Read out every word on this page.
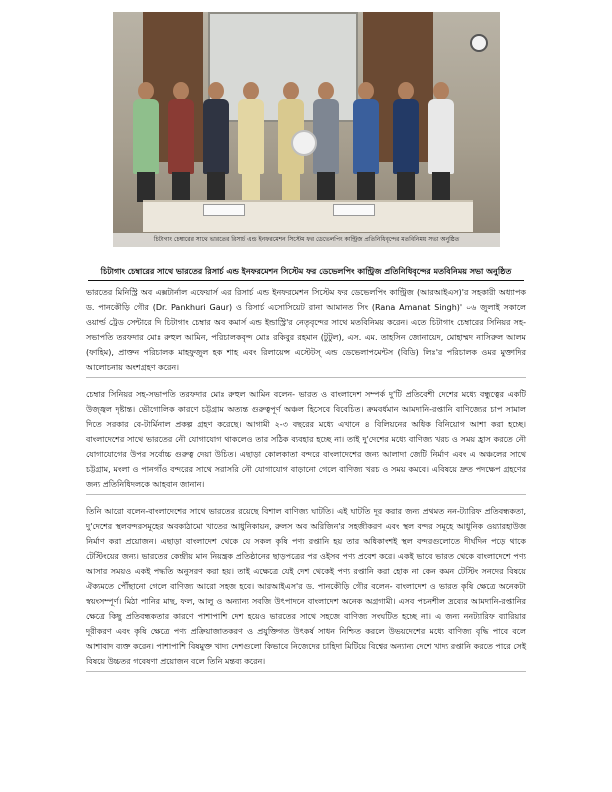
চিটাগাং চেম্বারের সাথে ভারতের রিসার্চ এন্ড ইনফরমেশন সিস্টেম ফর ডেভেলপিং কান্ট্রিজ প্রতিনিধিবৃন্দের মতবিনিময় সভা অনুষ্ঠিত
চিটাগাং চেম্বারের সাথে ভারতের রিসার্চ এন্ড ইনফরমেশন সিস্টেম ফর ডেভেলপিং কান্ট্রিজ প্রতিনিধিবৃন্দের মতবিনিময় সভা অনুষ্ঠিত

ভারতের মিনিস্ট্রি অব এক্সটার্নাল এফেয়ার্স এর রিসার্চ এন্ড ইনফরমেশন সিস্টেম ফর ডেভেলপিং কান্ট্রিজ (আরআইএস)'র সহকারী অধ্যাপক ড. পানকৌড়ি গৌর (Dr. Pankhuri Gaur) ও রিসার্চ এসোসিয়েট রানা আমানত সিং (Rana Amanat Singh)' ০৬ জুলাই সকালে ওয়ার্ল্ড ট্রেড সেন্টারে দি চিটাগাং চেম্বার অব কমার্স এন্ড ইন্ডাস্ট্রি'র নেতৃবৃন্দের সাথে মতবিনিময় করেন। এতে চিটাগাং চেম্বারের সিনিয়র সহ-সভাপতি তরফদার মোঃ রুহুল আমিন, পরিচালকবৃন্দ মোঃ রকিবুর রহমান (টুটুল), এস. এম. তাহসিন জোনায়েদ, মোহাম্মদ নাসিরুল আলম (ফাহিম), প্রাক্তন পরিচালক মাহফুজুল হক শাহ এবং রিলায়েন্স এস্টেটস্ এন্ড ডেভেলাপমেন্টস (বিডি) লিঃ'র পরিচালক ওমর মুক্তাদির আলোচনায় অংশগ্রহণ করেন।

চেম্বার সিনিয়র সহ-সভাপতি তরফদার মোঃ রুহুল আমিন বলেন- ভারত ও বাংলাদেশ সম্পর্ক দু'টি প্রতিবেশী দেশের মধ্যে বন্ধুত্বের একটি উজ্জ্বল দৃষ্টান্ত। ভৌগোলিক কারণে চট্টগ্রাম অত্যন্ত গুরুত্বপূর্ণ অঞ্চল হিসেবে বিবেচিত। ক্রমবর্ধমান আমদানি-রপ্তানি বাণিজ্যের চাপ সামাল দিতে সরকার বে-টার্মিনাল প্রকল্প গ্রহণ করেছে। আগামী ২-৩ বছরের মধ্যে এখানে ৪ বিলিয়নের অধিক বিনিয়োগ আশা করা হচ্ছে। বাংলাদেশের সাথে ভারতের নৌ যোগাযোগ থাকলেও তার সঠিক ব্যবহার হচ্ছে না। তাই দু'দেশের মধ্যে বাণিজ্য খরচ ও সময় হ্রাস করতে নৌ যোগাযোগের উপর সর্বোচ্চ গুরুত্ব দেয়া উচিত। এছাড়া কোলকাতা বন্দরে বাংলাদেশের জন্য আলাদা জেটি নির্মাণ এবং এ অঞ্চলের সাথে চট্টগ্রাম, মংলা ও পানগাঁও বন্দরের সাথে সরাসরি নৌ যোগাযোগ বাড়ানো গেলে বাণিজ্য খরচ ও সময় কমবে। এবিষয়ে দ্রুত পদক্ষেপ গ্রহণের জন্য প্রতিনিধিদলকে আহবান জানান।

তিনি আরো বলেন-বাংলাদেশের সাথে ভারতের রয়েছে বিশাল বাণিজ্য ঘাটতি। এই ঘাটতি দূর করার জন্য প্রথমত নন-ট্যারিফ প্রতিবন্ধকতা, দু'দেশের স্থলবন্দরসমূহের অবকাঠামো খাতের আধুনিকায়ন, রুলস অব অরিজিন'র সহজীকরণ এবং স্থল বন্দর সমূহে আধুনিক ওয়্যারহাউজ নির্মাণ করা প্রয়োজন। এছাড়া বাংলাদেশ থেকে যে সকল কৃষি পণ্য রপ্তানি হয় তার অধিকাংশই স্থল বন্দরগুলোতে দীর্ঘদিন পড়ে থাকে টেস্টিংয়ের জন্য। ভারতের কেন্দ্রীয় মান নিয়ন্ত্রক প্রতিষ্ঠানের ছাড়পত্রের পর ওইসব পণ্য প্রবেশ করে। একই ভাবে ভারত থেকে বাংলাদেশে পণ্য আসার সময়ও একই পদ্ধতি অনুসরণ করা হয়। তাই এক্ষেত্রে যেই দেশ থেকেই পণ্য রপ্তানি করা হোক না কেন কমন টেস্টিং সনদের বিষয়ে ঐক্যমতে পৌঁছানো গেলে বাণিজ্য আরো সহজ হবে। আরআইএস'র ড. পানকৌড়ি গৌর বলেন- বাংলাদেশ ও ভারত কৃষি ক্ষেত্রে অনেকটা স্বয়ংসম্পূর্ণ। মিঠা পানির মাছ, ফল, আলু ও অন্যান্য সবজি উৎপাদনে বাংলাদেশ অনেক অগ্রগামী। এসব পচনশীল দ্রব্যের আমদানি-রপ্তানির ক্ষেত্রে কিছু প্রতিবন্ধকতার কারণে পাশাপাশি দেশ হয়েও ভারতের সাথে সহজে বাণিজ্য সংঘটিত হচ্ছে না। এ জন্য ননট্যারিফ ব্যারিয়ার দূরীকরণ এবং কৃষি ক্ষেত্রে পণ্য প্রক্রিয়াজাতকরণ ও প্রযুক্তিগত উৎকর্ষ সাধন নিশ্চিত করলে উভয়দেশের মধ্যে বাণিজ্য বৃদ্ধি পাবে বলে আশাবাদ ব্যক্ত করেন। পাশাপাশি বিষমুক্ত খাদ্য দেশগুলো কিভাবে নিজেদের চাহিদা মিটিয়ে বিশ্বের অন্যান্য দেশে খাদ্য রপ্তানি করতে পারে সেই বিষয়ে উচ্চতর গবেষণা প্রয়োজন বলে তিনি মন্তব্য করেন।
